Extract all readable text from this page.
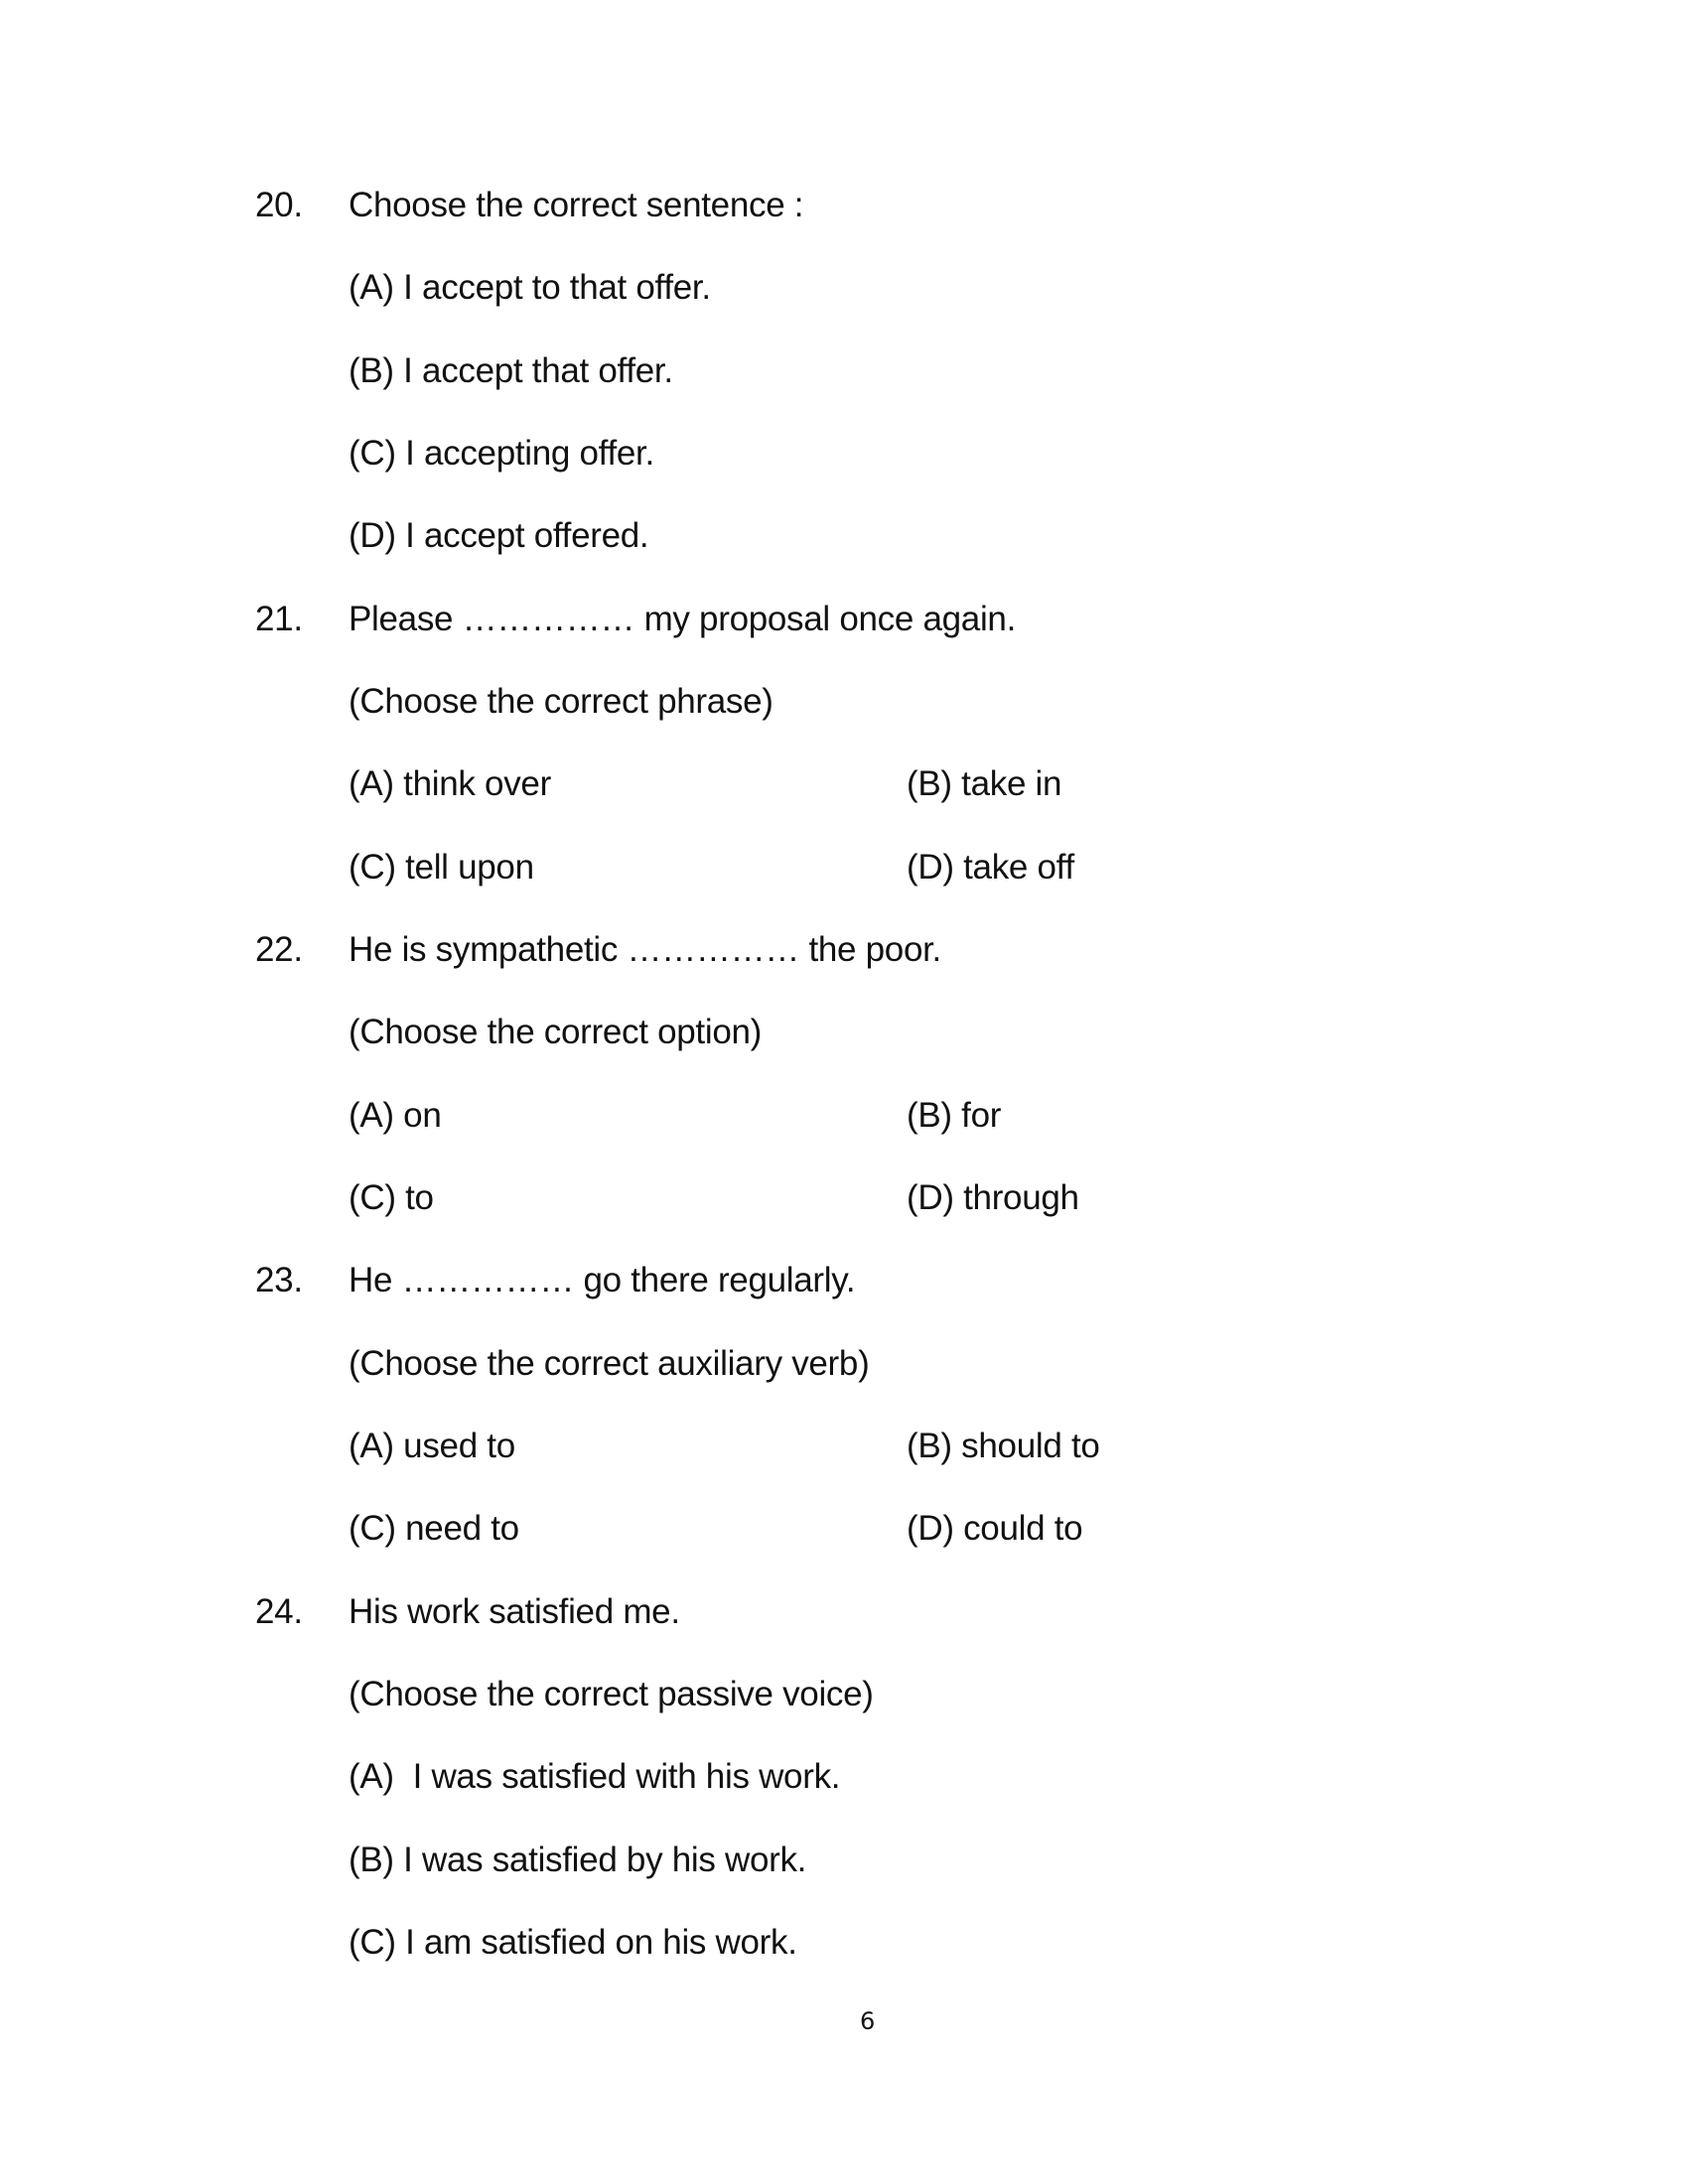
20. Choose the correct sentence :
(A) I accept to that offer.
(B) I accept that offer.
(C) I accepting offer.
(D) I accept offered.
21. Please …………… my proposal once again.
(Choose the correct phrase)
(A) think over	(B) take in
(C) tell upon	(D) take off
22. He is sympathetic …………… the poor.
(Choose the correct option)
(A) on	(B) for
(C) to	(D) through
23. He …………… go there regularly.
(Choose the correct auxiliary verb)
(A) used to	(B) should to
(C) need to	(D) could to
24. His work satisfied me.
(Choose the correct passive voice)
(A)  I was satisfied with his work.
(B) I was satisfied by his work.
(C) I am satisfied on his work.
6
